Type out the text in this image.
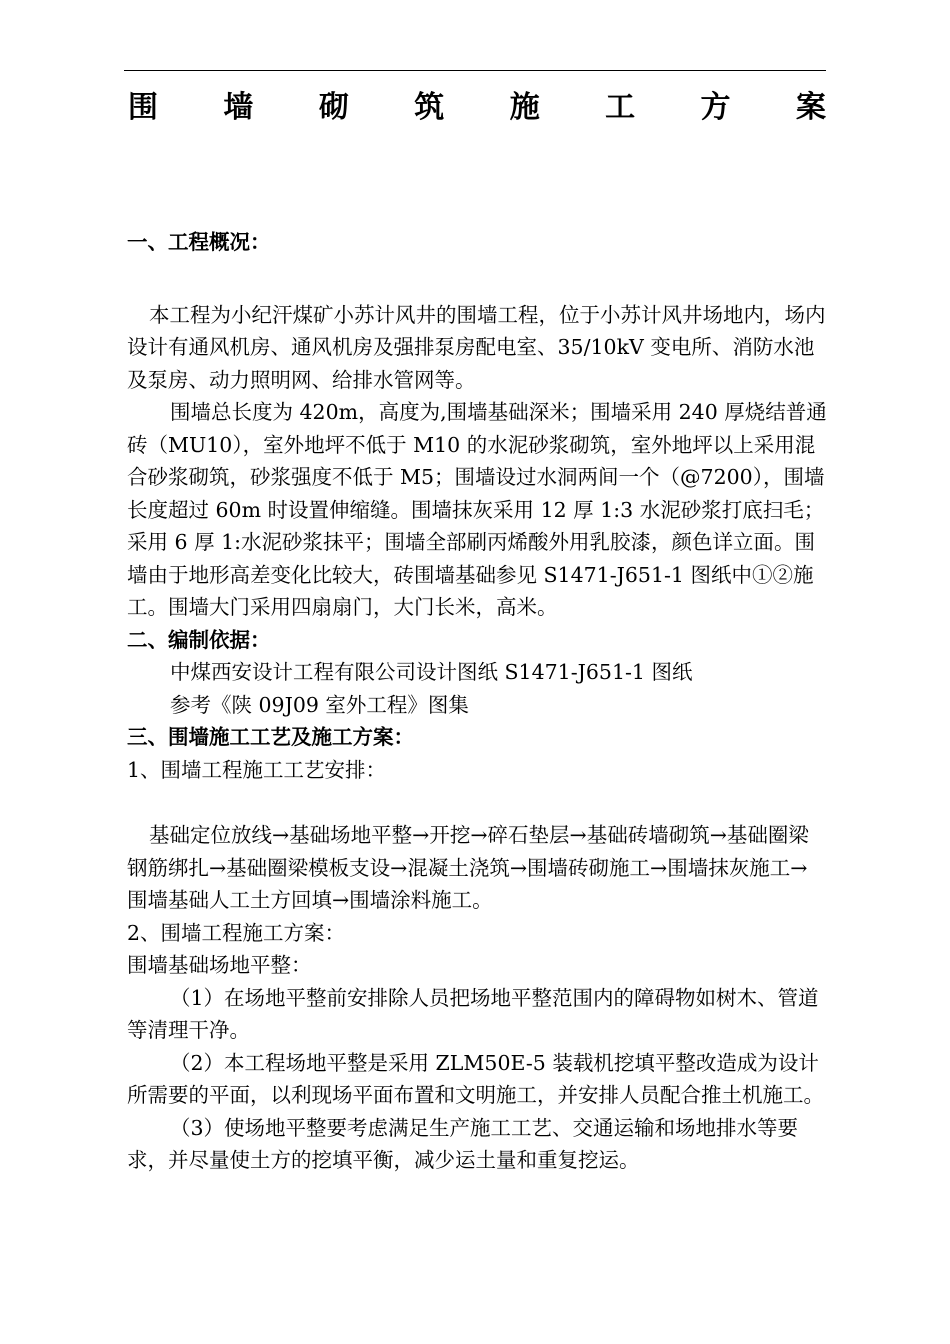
围 墙 砌 筑 施 工 方 案

一、工程概况：

本工程为小纪汗煤矿小苏计风井的围墙工程，位于小苏计风井场地内，场内设计有通风机房、通风机房及强排泵房配电室、35/10kV 变电所、消防水池及泵房、动力照明网、给排水管网等。

围墙总长度为 420m，高度为,围墙基础深米；围墙采用 240 厚烧结普通砖（MU10），室外地坪不低于 M10 的水泥砂浆砌筑，室外地坪以上采用混合砂浆砌筑，砂浆强度不低于 M5；围墙设过水洞两间一个（@7200），围墙长度超过 60m 时设置伸缩缝。围墙抹灰采用 12 厚 1:3 水泥砂浆打底扫毛；采用 6 厚 1:水泥砂浆抹平；围墙全部刷丙烯酸外用乳胶漆，颜色详立面。围墙由于地形高差变化比较大，砖围墙基础参见 S1471-J651-1 图纸中①②施工。围墙大门采用四扇扇门，大门长米，高米。

二、编制依据：

中煤西安设计工程有限公司设计图纸 S1471-J651-1 图纸

参考《陕 09J09 室外工程》图集

三、围墙施工工艺及施工方案：

1、围墙工程施工工艺安排：

基础定位放线→基础场地平整→开挖→碎石垫层→基础砖墙砌筑→基础圈梁钢筋绑扎→基础圈梁模板支设→混凝土浇筑→围墙砖砌施工→围墙抹灰施工→围墙基础人工土方回填→围墙涂料施工。

2、围墙工程施工方案：

围墙基础场地平整：

（1）在场地平整前安排除人员把场地平整范围内的障碍物如树木、管道等清理干净。

（2）本工程场地平整是采用 ZLM50E-5 装载机挖填平整改造成为设计所需要的平面，以利现场平面布置和文明施工，并安排人员配合推土机施工。

（3）使场地平整要考虑满足生产施工工艺、交通运输和场地排水等要求，并尽量使土方的挖填平衡，减少运土量和重复挖运。
